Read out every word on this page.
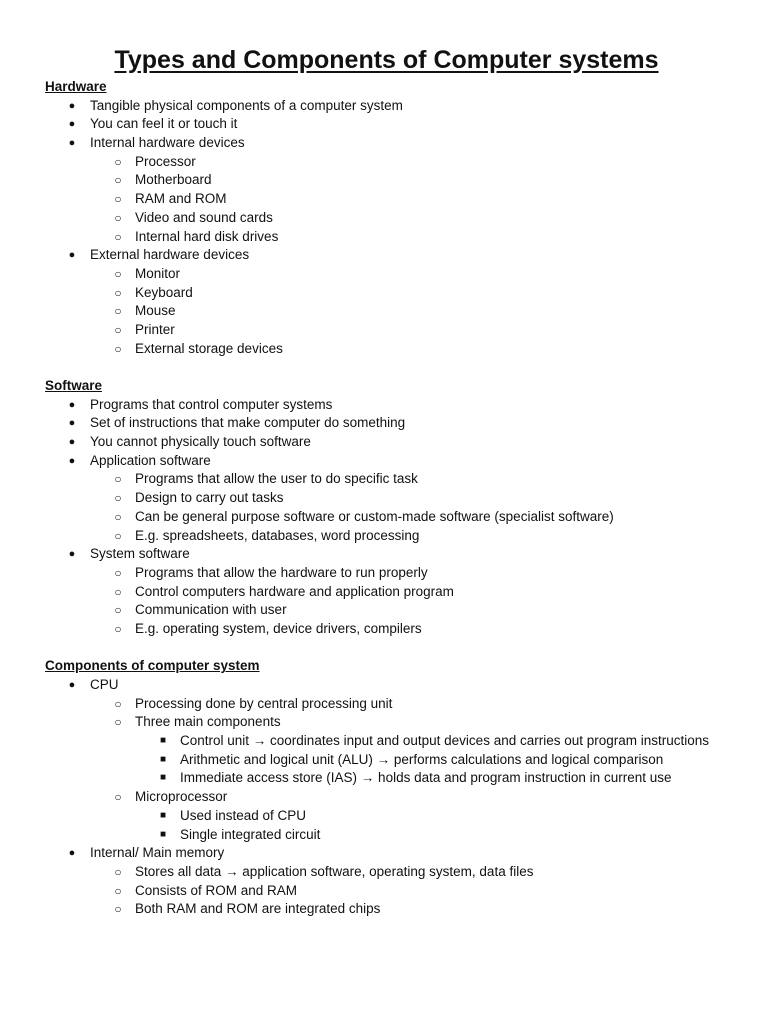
Types and Components of Computer systems
Hardware
● Tangible physical components of a computer system
● You can feel it or touch it
● Internal hardware devices
○ Processor
○ Motherboard
○ RAM and ROM
○ Video and sound cards
○ Internal hard disk drives
● External hardware devices
○ Monitor
○ Keyboard
○ Mouse
○ Printer
○ External storage devices
Software
● Programs that control computer systems
● Set of instructions that make computer do something
● You cannot physically touch software
● Application software
○ Programs that allow the user to do specific task
○ Design to carry out tasks
○ Can be general purpose software or custom-made software (specialist software)
○ E.g. spreadsheets, databases, word processing
● System software
○ Programs that allow the hardware to run properly
○ Control computers hardware and application program
○ Communication with user
○ E.g. operating system, device drivers, compilers
Components of computer system
● CPU
○ Processing done by central processing unit
○ Three main components
■ Control unit → coordinates input and output devices and carries out program instructions
■ Arithmetic and logical unit (ALU) → performs calculations and logical comparison
■ Immediate access store (IAS) → holds data and program instruction in current use
○ Microprocessor
■ Used instead of CPU
■ Single integrated circuit
● Internal/ Main memory
○ Stores all data → application software, operating system, data files
○ Consists of ROM and RAM
○ Both RAM and ROM are integrated chips
